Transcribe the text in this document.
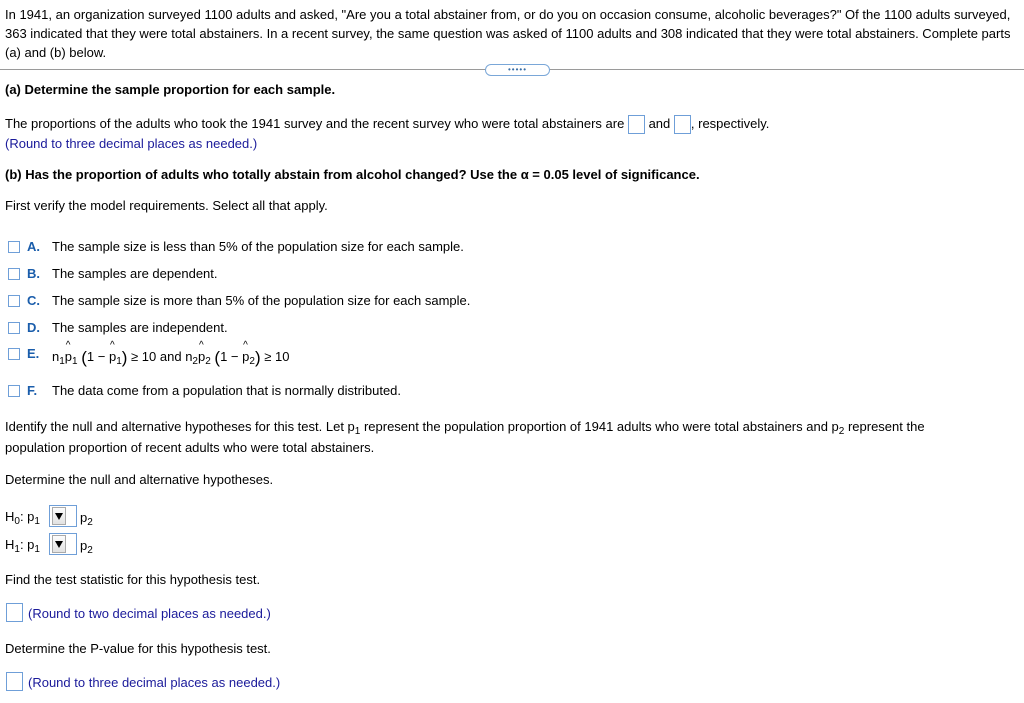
In 1941, an organization surveyed 1100 adults and asked, "Are you a total abstainer from, or do you on occasion consume, alcoholic beverages?" Of the 1100 adults surveyed, 363 indicated that they were total abstainers. In a recent survey, the same question was asked of 1100 adults and 308 indicated that they were total abstainers. Complete parts (a) and (b) below.
•••••
(a) Determine the sample proportion for each sample.
The proportions of the adults who took the 1941 survey and the recent survey who were total abstainers are and , respectively.
(Round to three decimal places as needed.)
(b) Has the proportion of adults who totally abstain from alcohol changed? Use the α = 0.05 level of significance.
First verify the model requirements. Select all that apply.
A. The sample size is less than 5% of the population size for each sample.
B. The samples are dependent.
C. The sample size is more than 5% of the population size for each sample.
D. The samples are independent.
E. $n_1\^{}$ $p_1$ (1 − ^ $p_1) \ge 10$ and $n_2\^{}$ $p_2$ (1 − ^ $p_2) \ge 10$
F. The data come from a population that is normally distributed.
Identify the null and alternative hypotheses for this test. Let $p_1$ represent the population proportion of 1941 adults who were total abstainers and $p_2$ represent the
population proportion of recent adults who were total abstainers.
Determine the null and alternative hypotheses.
$H_0$: $p_1$	$p_2$
$H_1$: $p_1$	$p_2$
Find the test statistic for this hypothesis test.
(Round to two decimal places as needed.)
Determine the P-value for this hypothesis test.
(Round to three decimal places as needed.)
